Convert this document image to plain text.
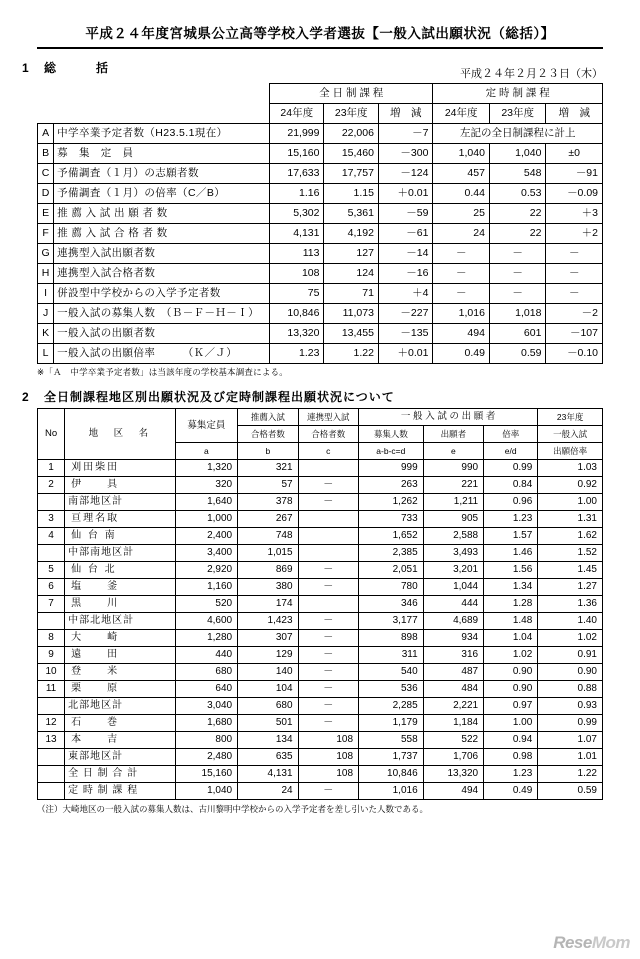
平成２４年度宮城県公立高等学校入学者選抜【一般入試出願状況（総括）】
1 総　　　括	平成２４年２月２３日（木）
		全 日 制 課 程			定 時 制 課 程		
		24年度	23年度	増　減	24年度	23年度	増　減
A	中学卒業予定者数（H23.5.1現在）	21,999	22,006	－7	左記の全日制課程に計上		
B	募　集　定　員	15,160	15,460	－300	1,040	1,040	±0
C	予備調査（１月）の志願者数	17,633	17,757	－124	457	548	－91
D	予備調査（１月）の倍率（C／B）	1.16	1.15	＋0.01	0.44	0.53	－0.09
E	推 薦 入 試 出 願 者 数	5,302	5,361	－59	25	22	＋3
F	推 薦 入 試 合 格 者 数	4,131	4,192	－61	24	22	＋2
G	連携型入試出願者数	113	127	－14	－	－	－
H	連携型入試合格者数	108	124	－16	－	－	－
I	併設型中学校からの入学予定者数	75	71	＋4	－	－	－
J	一般入試の募集人数　（Ｂ－Ｆ－Ｈ－Ｉ）	10,846	11,073	－227	1,016	1,018	－2
K	一般入試の出願者数	13,320	13,455	－135	494	601	－107
L	一般入試の出願倍率　　　（Ｋ／Ｊ）	1.23	1.22	＋0.01	0.49	0.59	－0.10
※「Ａ　中学卒業予定者数」は当該年度の学校基本調査による。
2 全日制課程地区別出願状況及び定時制課程出願状況について
No	地　区　名	募集定員	推薦入試	連携型入試	一 般 入 試 の 出 願 者			23年度
			合格者数	合格者数	募集人数	出願者	倍率	一般入試
		a	b	c	a-b-c=d	e	e/d	出願倍率
1	刈田柴田	1,320	321		999	990	0.99	1.03
2	伊　　具	320	57	－	263	221	0.84	0.92
	南部地区計	1,640	378	－	1,262	1,211	0.96	1.00
3	亘理名取	1,000	267		733	905	1.23	1.31
4	仙 台 南	2,400	748		1,652	2,588	1.57	1.62
	中部南地区計	3,400	1,015		2,385	3,493	1.46	1.52
5	仙 台 北	2,920	869	－	2,051	3,201	1.56	1.45
6	塩　　釜	1,160	380	－	780	1,044	1.34	1.27
7	黒　　川	520	174		346	444	1.28	1.36
	中部北地区計	4,600	1,423	－	3,177	4,689	1.48	1.40
8	大　　崎	1,280	307	－	898	934	1.04	1.02
9	遠　　田	440	129	－	311	316	1.02	0.91
10	登　　米	680	140	－	540	487	0.90	0.90
11	栗　　原	640	104	－	536	484	0.90	0.88
	北部地区計	3,040	680	－	2,285	2,221	0.97	0.93
12	石　　巻	1,680	501	－	1,179	1,184	1.00	0.99
13	本　　吉	800	134	108	558	522	0.94	1.07
	東部地区計	2,480	635	108	1,737	1,706	0.98	1.01
	全 日 制 合 計	15,160	4,131	108	10,846	13,320	1.23	1.22
	定 時 制 課 程	1,040	24	－	1,016	494	0.49	0.59
（注）大崎地区の一般入試の募集人数は、古川黎明中学校からの入学予定者を差し引いた人数である。
ReseMom
